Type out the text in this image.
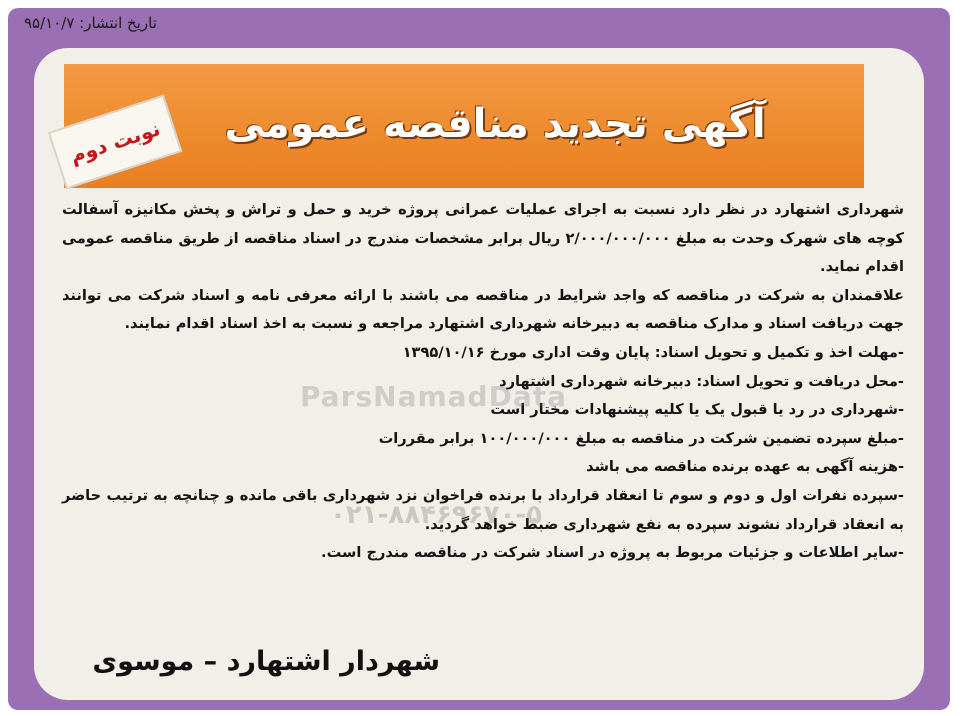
تاریخ انتشار: ۹۵/۱۰/۷
آگهی تجدید مناقصه عمومی
نوبت دوم

شهرداری اشتهارد در نظر دارد نسبت به اجرای عملیات عمرانی پروژه خرید و حمل و تراش و پخش مکانیزه آسفالت کوچه های شهرک وحدت به مبلغ ۲/۰۰۰/۰۰۰/۰۰۰ ریال برابر مشخصات مندرج در اسناد مناقصه از طریق مناقصه عمومی اقدام نماید.

علاقمندان به شرکت در مناقصه که واجد شرایط در مناقصه می باشند با ارائه معرفی نامه و اسناد شرکت می توانند جهت دریافت اسناد و مدارک مناقصه به دبیرخانه شهرداری اشتهارد مراجعه و نسبت به اخذ اسناد اقدام نمایند.

-مهلت اخذ و تکمیل و تحویل اسناد: پایان وقت اداری مورخ ۱۳۹۵/۱۰/۱۶
-محل دریافت و تحویل اسناد: دبیرخانه شهرداری اشتهارد
-شهرداری در رد یا قبول یک یا کلیه پیشنهادات مختار است
-مبلغ سپرده تضمین شرکت در مناقصه به مبلغ ۱۰۰/۰۰۰/۰۰۰ برابر مقررات
-هزینه آگهی به عهده برنده مناقصه می باشد
-سپرده نفرات اول و دوم و سوم تا انعقاد قرارداد با برنده فراخوان نزد شهرداری باقی مانده و چنانچه به ترتیب حاضر به انعقاد قرارداد نشوند سپرده به نفع شهرداری ضبط خواهد گردید.
-سایر اطلاعات و جزئیات مربوط به پروژه در اسناد شرکت در مناقصه مندرج است.
ParsNamadData
۰۲۱-۸۸۴۶۹۶۷۰-۵
شهردار اشتهارد – موسوی
